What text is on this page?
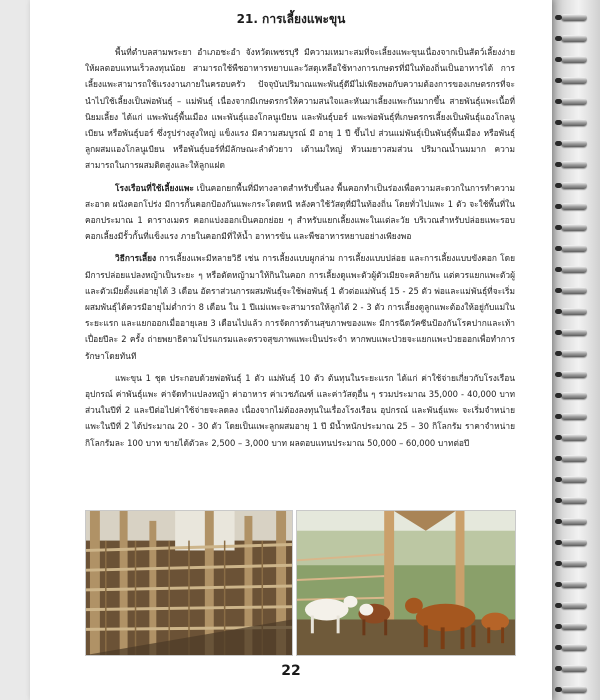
21. การเลี้ยงแพะขุน

พื้นที่ตำบลสามพระยา อำเภอชะอำ จังหวัดเพชรบุรี มีความเหมาะสมที่จะเลี้ยงแพะขุนเนื่องจากเป็นสัตว์เลี้ยงง่ายให้ผลตอบแทนเร็วลงทุนน้อย สามารถใช้พืชอาหารหยาบและวัสดุเหลือใช้ทางการเกษตรที่มีในท้องถิ่นเป็นอาหารได้ การเลี้ยงแพะสามารถใช้แรงงานภายในครอบครัว ปัจจุบันปริมาณแพะพันธุ์ดีมีไม่เพียงพอกับความต้องการของเกษตรกรที่จะนำไปใช้เลี้ยงเป็นพ่อพันธุ์ – แม่พันธุ์ เนื่องจากมีเกษตรกรให้ความสนใจและหันมาเลี้ยงแพะกันมากขึ้น สายพันธุ์แพะเนื้อที่นิยมเลี้ยง ได้แก่ แพะพันธุ์พื้นเมือง แพะพันธุ์แองโกลนูเบียน และพันธุ์บอร์ แพะพ่อพันธุ์ที่เกษตรกรเลี้ยงเป็นพันธุ์แองโกลนูเบียน หรือพันธุ์บอร์ ซึ่งรูปร่างสูงใหญ่ แข็งแรง มีความสมบูรณ์ มี อายุ 1 ปี ขึ้นไป ส่วนแม่พันธุ์เป็นพันธุ์พื้นเมือง หรือพันธุ์ลูกผสมแองโกลนูเบียน หรือพันธุ์บอร์ที่มีลักษณะลำตัวยาว เต้านมใหญ่ หัวนมยาวสมส่วน ปริมาณน้ำนมมาก ความสามารถในการผสมติดสูงและให้ลูกแฝด

โรงเรือนที่ใช้เลี้ยงแพะ เป็นคอกยกพื้นที่มีทางลาดสำหรับขึ้นลง พื้นคอกทำเป็นร่องเพื่อความสะดวกในการทำความสะอาด ผนังคอกโปร่ง มีการกั้นคอกป้องกันแพะกระโดดหนี หลังคาใช้วัสดุที่มีในท้องถิ่น โดยทั่วไปแพะ 1 ตัว จะใช้พื้นที่ในคอกประมาณ 1 ตารางเมตร คอกแบ่งออกเป็นคอกย่อย ๆ สำหรับแยกเลี้ยงแพะในแต่ละวัย บริเวณสำหรับปล่อยแพะรอบคอกเลี้ยงมีรั้วกั้นที่แข็งแรง ภายในคอกมีที่ให้น้ำ อาหารข้น และพืชอาหารหยาบอย่างเพียงพอ

วิธีการเลี้ยง การเลี้ยงแพะมีหลายวิธี เช่น การเลี้ยงแบบผูกล่าม การเลี้ยงแบบปล่อย และการเลี้ยงแบบขังคอก โดยมีการปล่อยแปลงหญ้าเป็นระยะ ๆ หรือตัดหญ้ามาให้กินในคอก การเลี้ยงดูแพะตัวผู้ตัวเมียจะคล้ายกัน แต่ควรแยกแพะตัวผู้และตัวเมียตั้งแต่อายุได้ 3 เดือน อัตราส่วนการผสมพันธุ์จะใช้พ่อพันธุ์ 1 ตัวต่อแม่พันธุ์ 15 - 25 ตัว พ่อและแม่พันธุ์ที่จะเริ่มผสมพันธุ์ได้ควรมีอายุไม่ต่ำกว่า 8 เดือน ใน 1 ปีแม่แพะจะสามารถให้ลูกได้ 2 - 3 ตัว การเลี้ยงดูลูกแพะต้องให้อยู่กับแม่ในระยะแรก และแยกออกเมื่ออายุเลย 3 เดือนไปแล้ว การจัดการด้านสุขภาพของแพะ มีการฉีดวัคซีนป้องกันโรคปากและเท้าเปื่อยปีละ 2 ครั้ง ถ่ายพยาธิตามโปรแกรมและตรวจสุขภาพแพะเป็นประจำ หากพบแพะป่วยจะแยกแพะป่วยออกเพื่อทำการรักษาโดยทันที

แพะขุน 1 ชุด ประกอบด้วยพ่อพันธุ์ 1 ตัว แม่พันธุ์ 10 ตัว ต้นทุนในระยะแรก ได้แก่ ค่าใช้จ่ายเกี่ยวกับโรงเรือน อุปกรณ์ ค่าพันธุ์แพะ ค่าจัดทำแปลงหญ้า ค่าอาหาร ค่าเวชภัณฑ์ และค่าวัสดุอื่น ๆ รวมประมาณ 35,000 - 40,000 บาท ส่วนในปีที่ 2 และปีต่อไปค่าใช้จ่ายจะลดลง เนื่องจากไม่ต้องลงทุนในเรื่องโรงเรือน อุปกรณ์ และพันธุ์แพะ จะเริ่มจำหน่ายแพะในปีที่ 2 ได้ประมาณ 20 - 30 ตัว โดยเป็นแพะลูกผสมอายุ 1 ปี มีน้ำหนักประมาณ 25 – 30 กิโลกรัม ราคาจำหน่ายกิโลกรัมละ 100 บาท ขายได้ตัวละ 2,500 – 3,000 บาท ผลตอบแทนประมาณ 50,000 – 60,000 บาทต่อปี

22
